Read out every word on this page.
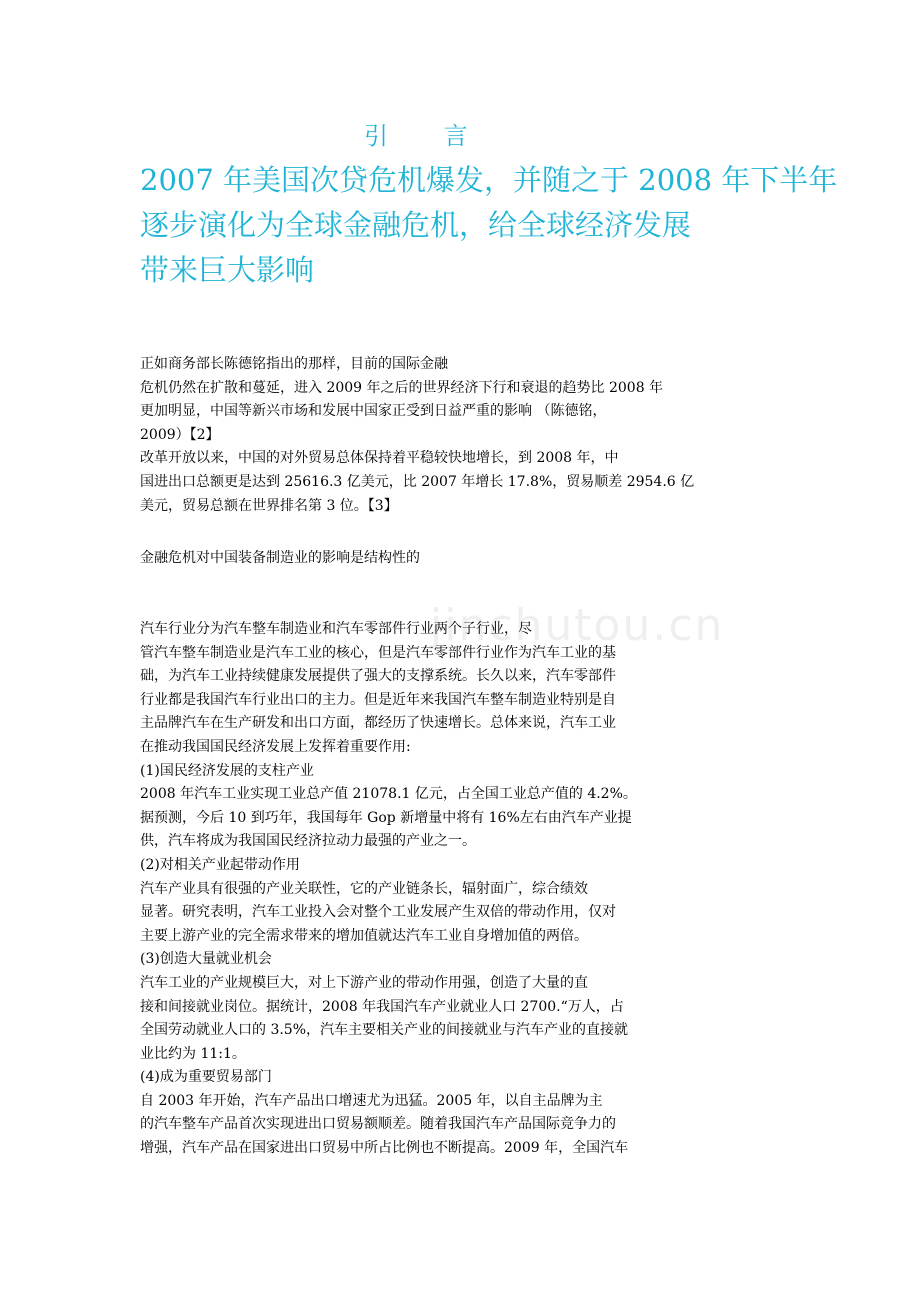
jinchutou.cn
引 言
2007 年美国次贷危机爆发，并随之于 2008 年下半年
逐步演化为全球金融危机，给全球经济发展
带来巨大影响
正如商务部长陈德铭指出的那样，目前的国际金融
危机仍然在扩散和蔓延，进入 2009 年之后的世界经济下行和衰退的趋势比 2008 年
更加明显，中国等新兴市场和发展中国家正受到日益严重的影响 （陈德铭，
2009）【2】
改革开放以来，中国的对外贸易总体保持着平稳较快地增长，到 2008 年，中
国进出口总额更是达到 25616.3 亿美元，比 2007 年增长 17.8%，贸易顺差 2954.6 亿
美元，贸易总额在世界排名第 3 位。【3】
金融危机对中国装备制造业的影响是结构性的
汽车行业分为汽车整车制造业和汽车零部件行业两个子行业，尽
管汽车整车制造业是汽车工业的核心，但是汽车零部件行业作为汽车工业的基
础，为汽车工业持续健康发展提供了强大的支撑系统。长久以来，汽车零部件
行业都是我国汽车行业出口的主力。但是近年来我国汽车整车制造业特别是自
主品牌汽车在生产研发和出口方面，都经历了快速增长。总体来说，汽车工业
在推动我国国民经济发展上发挥着重要作用:
(1)国民经济发展的支柱产业
2008 年汽车工业实现工业总产值 21078.1 亿元，占全国工业总产值的 4.2%。
据预测，今后 10 到巧年，我国每年 Gop 新增量中将有 16%左右由汽车产业提
供，汽车将成为我国国民经济拉动力最强的产业之一。
(2)对相关产业起带动作用
汽车产业具有很强的产业关联性，它的产业链条长，辐射面广，综合绩效
显著。研究表明，汽车工业投入会对整个工业发展产生双倍的带动作用，仅对
主要上游产业的完全需求带来的增加值就达汽车工业自身增加值的两倍。
(3)创造大量就业机会
汽车工业的产业规模巨大，对上下游产业的带动作用强，创造了大量的直
接和间接就业岗位。据统计，2008 年我国汽车产业就业人口 2700.“万人，占
全国劳动就业人口的 3.5%，汽车主要相关产业的间接就业与汽车产业的直接就
业比约为 11:1。
(4)成为重要贸易部门
自 2003 年开始，汽车产品出口增速尤为迅猛。2005 年，以自主品牌为主
的汽车整车产品首次实现进出口贸易额顺差。随着我国汽车产品国际竞争力的
增强，汽车产品在国家进出口贸易中所占比例也不断提高。2009 年，全国汽车
